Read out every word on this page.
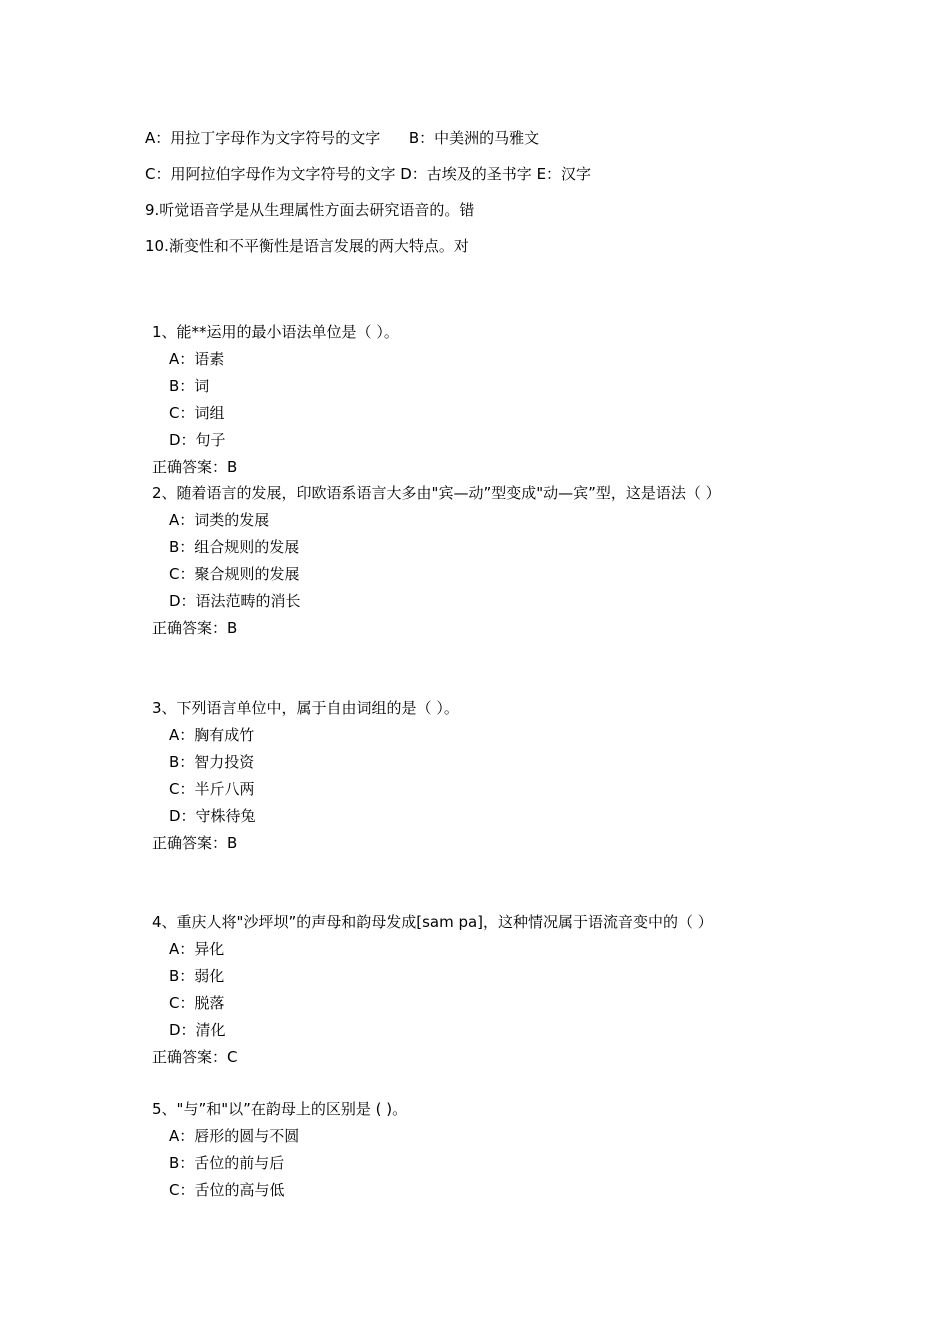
A：用拉丁字母作为文字符号的文字      B：中美洲的马雅文
C：用阿拉伯字母作为文字符号的文字 D：古埃及的圣书字 E：汉字
9.听觉语音学是从生理属性方面去研究语音的。错
10.渐变性和不平衡性是语言发展的两大特点。对
1、能**运用的最小语法单位是（ ）。
A：语素
B：词
C：词组
D：句子
正确答案：B
2、随着语言的发展，印欧语系语言大多由"宾—动”型变成"动—宾”型，这是语法（ ）
A：词类的发展
B：组合规则的发展
C：聚合规则的发展
D：语法范畴的消长
正确答案：B
3、下列语言单位中，属于自由词组的是（ ）。
A：胸有成竹
B：智力投资
C：半斤八两
D：守株待兔
正确答案：B
4、重庆人将"沙坪坝”的声母和韵母发成[sam pa]，这种情况属于语流音变中的（ ）
A：异化
B：弱化
C：脱落
D：清化
正确答案：C
5、"与”和"以”在韵母上的区别是 ( )。
A：唇形的圆与不圆
B：舌位的前与后
C：舌位的高与低
